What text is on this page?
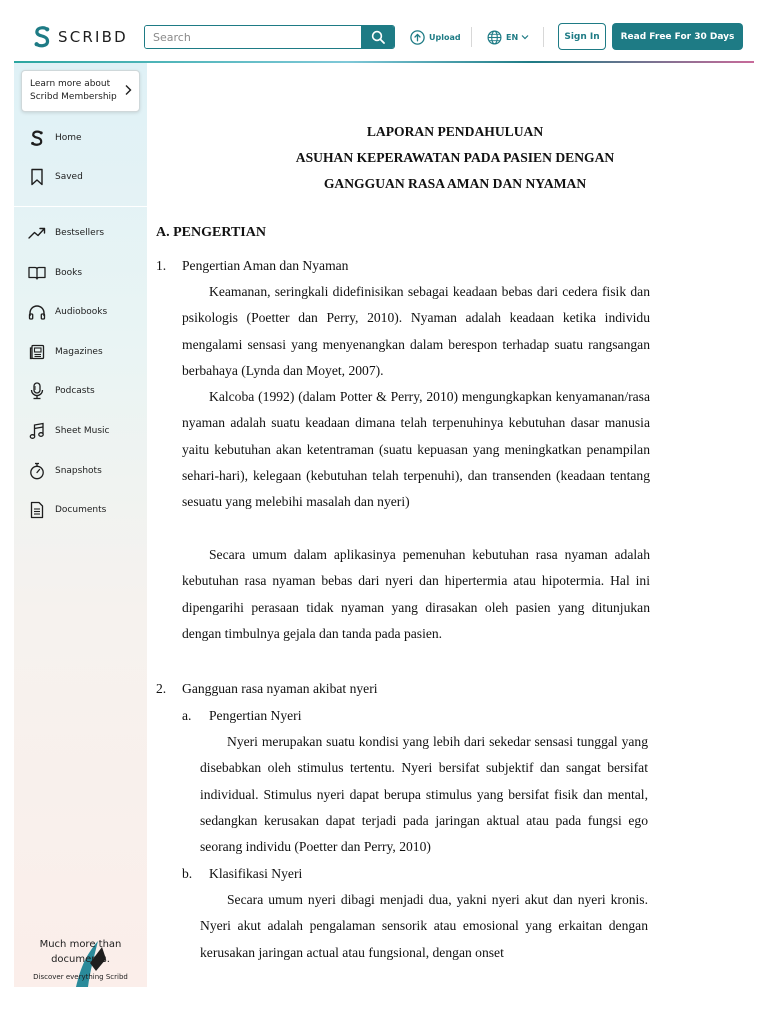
SCRIBD
Search	Upload	EN	Sign In	Read Free For 30 Days
Learn more about Scribd Membership
Home
Saved
Bestsellers
Books
Audiobooks
Magazines
Podcasts
Sheet Music
Snapshots
Documents
Much more than documents.
Discover everything Scribd
LAPORAN PENDAHULUAN
ASUHAN KEPERAWATAN PADA PASIEN DENGAN
GANGGUAN RASA AMAN DAN NYAMAN
A. PENGERTIAN
1. Pengertian Aman dan Nyaman
Keamanan, seringkali didefinisikan sebagai keadaan bebas dari cedera fisik dan psikologis (Poetter dan Perry, 2010). Nyaman adalah keadaan ketika individu mengalami sensasi yang menyenangkan dalam berespon terhadap suatu rangsangan berbahaya (Lynda dan Moyet, 2007).
Kalcoba (1992) (dalam Potter & Perry, 2010) mengungkapkan kenyamanan/rasa nyaman adalah suatu keadaan dimana telah terpenuhinya kebutuhan dasar manusia yaitu kebutuhan akan ketentraman (suatu kepuasan yang meningkatkan penampilan sehari-hari), kelegaan (kebutuhan telah terpenuhi), dan transenden (keadaan tentang sesuatu yang melebihi masalah dan nyeri)
Secara umum dalam aplikasinya pemenuhan kebutuhan rasa nyaman adalah kebutuhan rasa nyaman bebas dari nyeri dan hipertermia atau hipotermia. Hal ini dipengarihi perasaan tidak nyaman yang dirasakan oleh pasien yang ditunjukan dengan timbulnya gejala dan tanda pada pasien.
2. Gangguan rasa nyaman akibat nyeri
a. Pengertian Nyeri
Nyeri merupakan suatu kondisi yang lebih dari sekedar sensasi tunggal yang disebabkan oleh stimulus tertentu. Nyeri bersifat subjektif dan sangat bersifat individual. Stimulus nyeri dapat berupa stimulus yang bersifat fisik dan mental, sedangkan kerusakan dapat terjadi pada jaringan aktual atau pada fungsi ego seorang individu (Poetter dan Perry, 2010)
b. Klasifikasi Nyeri
Secara umum nyeri dibagi menjadi dua, yakni nyeri akut dan nyeri kronis. Nyeri akut adalah pengalaman sensorik atau emosional yang erkaitan dengan kerusakan jaringan actual atau fungsional, dengan onset
